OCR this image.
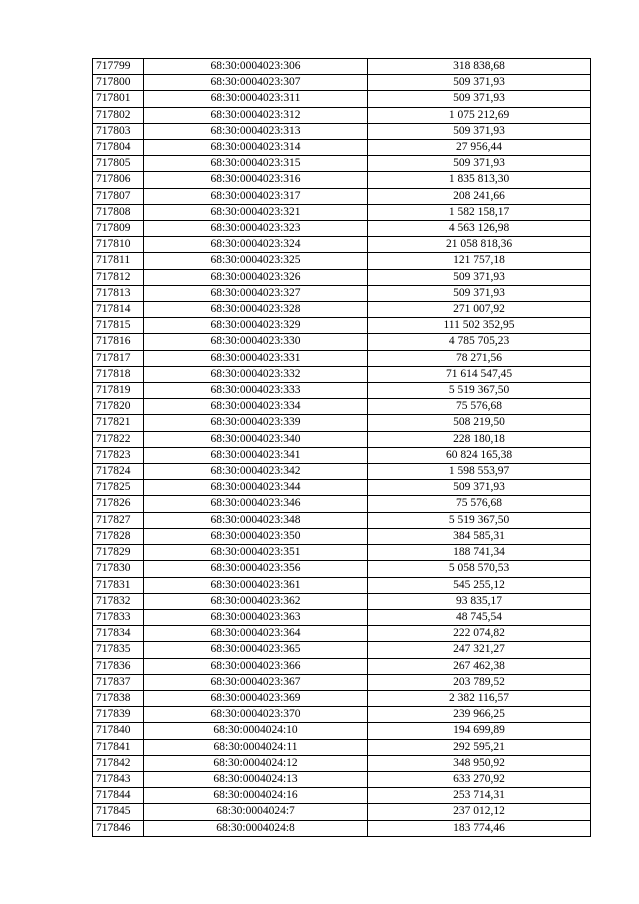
717799	68:30:0004023:306	318 838,68
717800	68:30:0004023:307	509 371,93
717801	68:30:0004023:311	509 371,93
717802	68:30:0004023:312	1 075 212,69
717803	68:30:0004023:313	509 371,93
717804	68:30:0004023:314	27 956,44
717805	68:30:0004023:315	509 371,93
717806	68:30:0004023:316	1 835 813,30
717807	68:30:0004023:317	208 241,66
717808	68:30:0004023:321	1 582 158,17
717809	68:30:0004023:323	4 563 126,98
717810	68:30:0004023:324	21 058 818,36
717811	68:30:0004023:325	121 757,18
717812	68:30:0004023:326	509 371,93
717813	68:30:0004023:327	509 371,93
717814	68:30:0004023:328	271 007,92
717815	68:30:0004023:329	111 502 352,95
717816	68:30:0004023:330	4 785 705,23
717817	68:30:0004023:331	78 271,56
717818	68:30:0004023:332	71 614 547,45
717819	68:30:0004023:333	5 519 367,50
717820	68:30:0004023:334	75 576,68
717821	68:30:0004023:339	508 219,50
717822	68:30:0004023:340	228 180,18
717823	68:30:0004023:341	60 824 165,38
717824	68:30:0004023:342	1 598 553,97
717825	68:30:0004023:344	509 371,93
717826	68:30:0004023:346	75 576,68
717827	68:30:0004023:348	5 519 367,50
717828	68:30:0004023:350	384 585,31
717829	68:30:0004023:351	188 741,34
717830	68:30:0004023:356	5 058 570,53
717831	68:30:0004023:361	545 255,12
717832	68:30:0004023:362	93 835,17
717833	68:30:0004023:363	48 745,54
717834	68:30:0004023:364	222 074,82
717835	68:30:0004023:365	247 321,27
717836	68:30:0004023:366	267 462,38
717837	68:30:0004023:367	203 789,52
717838	68:30:0004023:369	2 382 116,57
717839	68:30:0004023:370	239 966,25
717840	68:30:0004024:10	194 699,89
717841	68:30:0004024:11	292 595,21
717842	68:30:0004024:12	348 950,92
717843	68:30:0004024:13	633 270,92
717844	68:30:0004024:16	253 714,31
717845	68:30:0004024:7	237 012,12
717846	68:30:0004024:8	183 774,46
